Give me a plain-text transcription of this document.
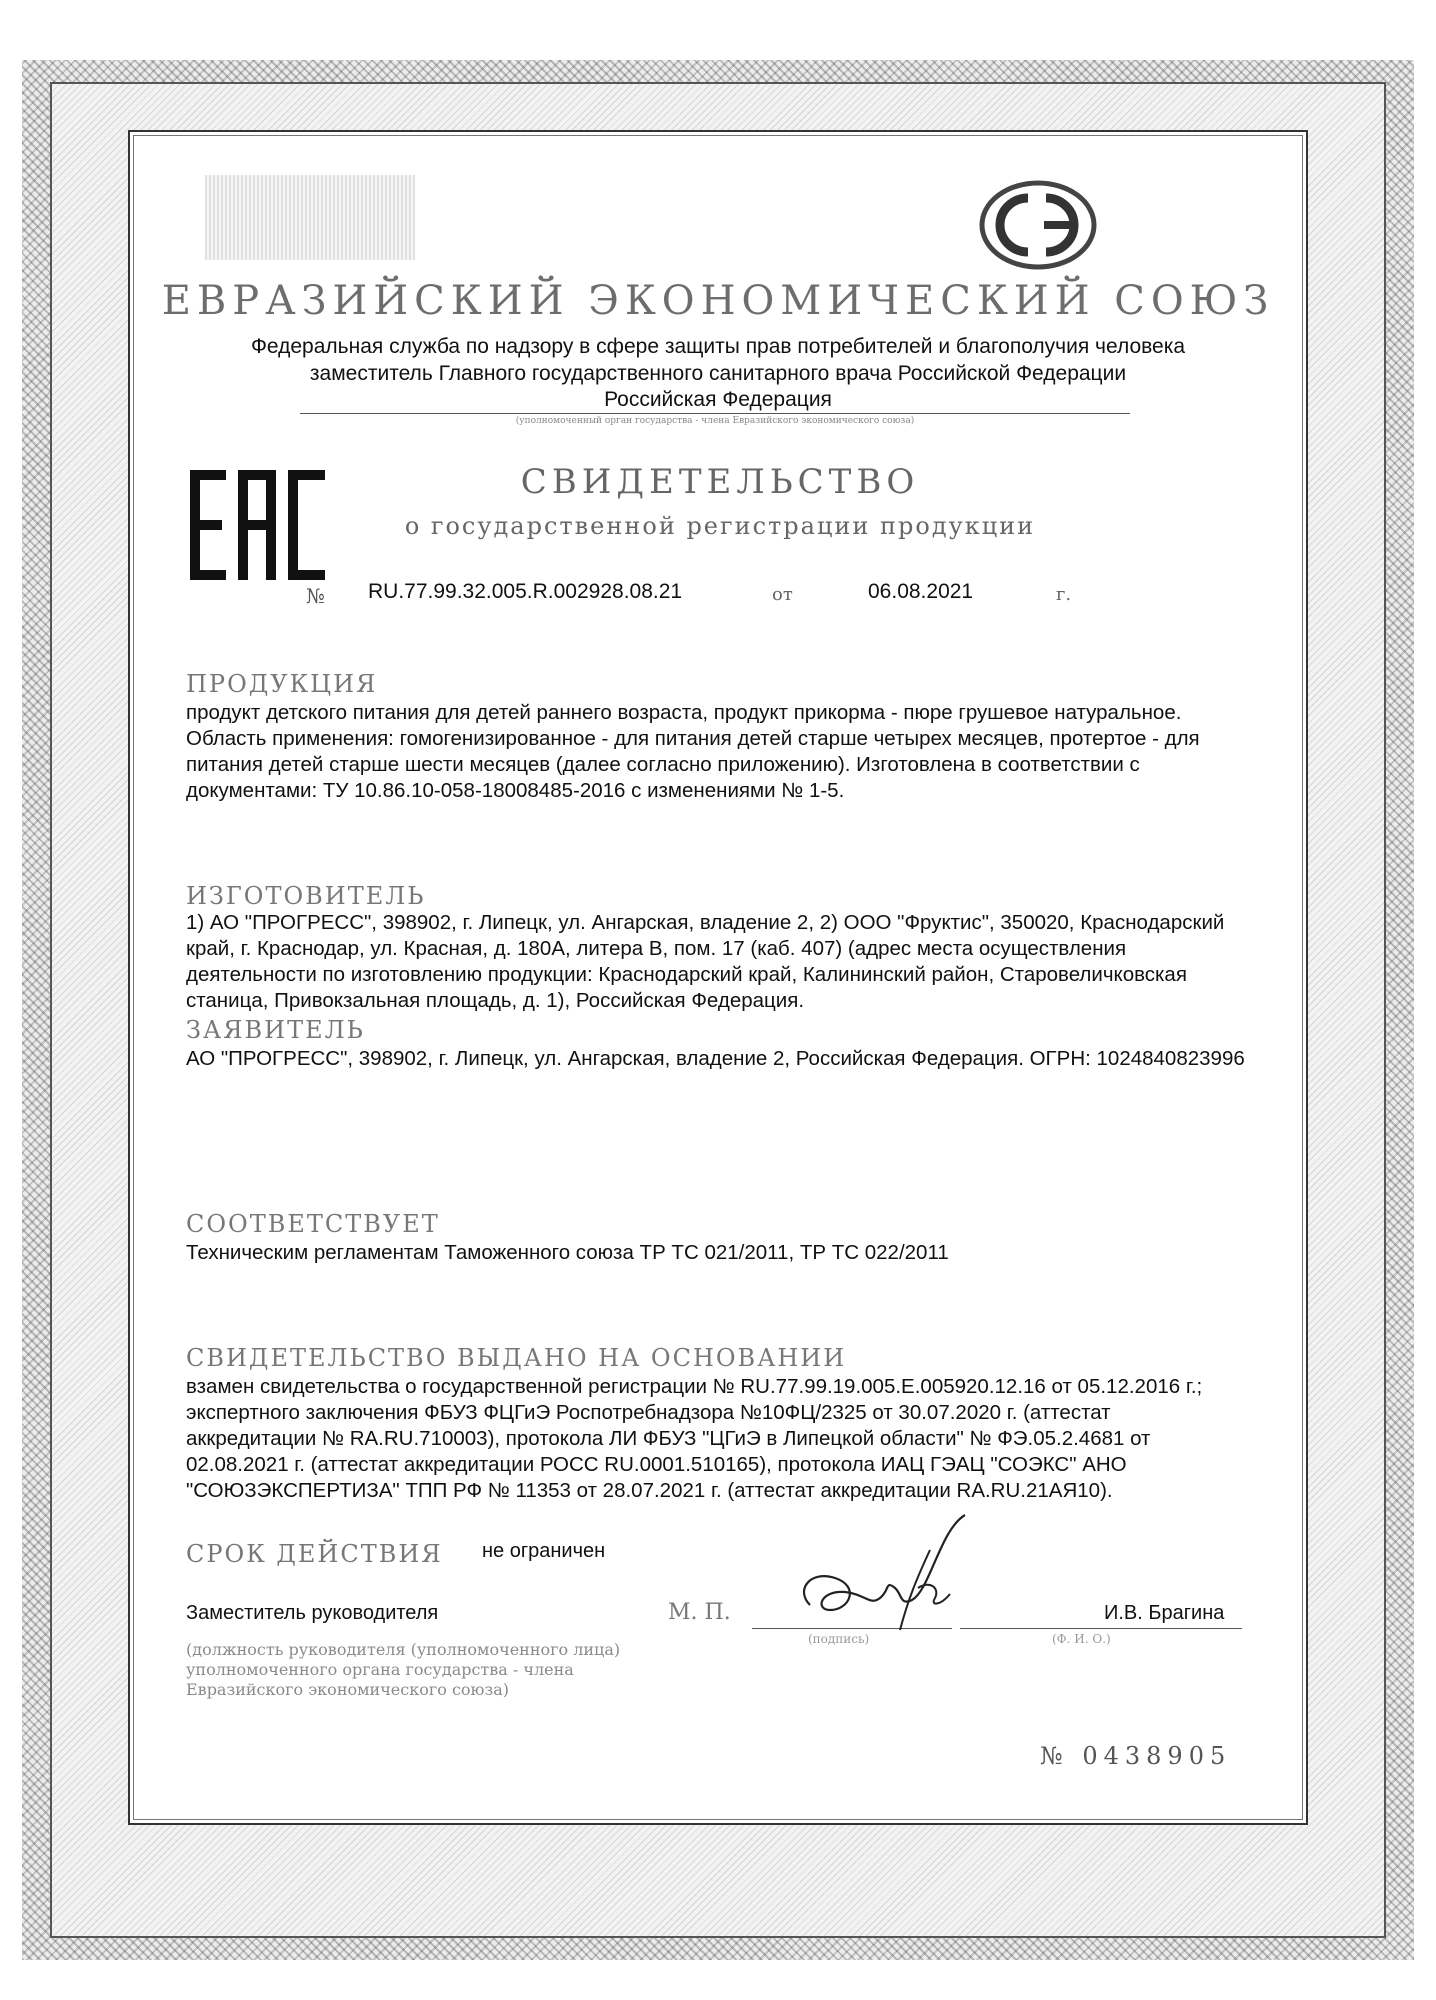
ЕВРАЗИЙСКИЙ ЭКОНОМИЧЕСКИЙ СОЮЗ
Федеральная служба по надзору в сфере защиты прав потребителей и благополучия человека
заместитель Главного государственного санитарного врача Российской Федерации
Российская Федерация
(уполномоченный орган государства - члена Евразийского экономического союза)
СВИДЕТЕЛЬСТВО
о государственной регистрации продукции
№ RU.77.99.32.005.R.002928.08.21	от	06.08.2021	г.
ПРОДУКЦИЯ
продукт детского питания для детей раннего возраста, продукт прикорма - пюре грушевое натуральное. Область применения: гомогенизированное - для питания детей старше четырех месяцев, протертое - для питания детей старше шести месяцев (далее согласно приложению). Изготовлена в соответствии с документами: ТУ 10.86.10-058-18008485-2016 с изменениями № 1-5.
ИЗГОТОВИТЕЛЬ
1) АО "ПРОГРЕСС", 398902, г. Липецк, ул. Ангарская, владение 2, 2) ООО "Фруктис", 350020, Краснодарский край, г. Краснодар, ул. Красная, д. 180А, литера В, пом. 17 (каб. 407) (адрес места осуществления деятельности по изготовлению продукции: Краснодарский край, Калининский район, Старовеличковская станица, Привокзальная площадь, д. 1), Российская Федерация.
ЗАЯВИТЕЛЬ
АО "ПРОГРЕСС", 398902, г. Липецк, ул. Ангарская, владение 2, Российская Федерация. ОГРН: 1024840823996
СООТВЕТСТВУЕТ
Техническим регламентам Таможенного союза ТР ТС 021/2011, ТР ТС 022/2011
СВИДЕТЕЛЬСТВО ВЫДАНО НА ОСНОВАНИИ
взамен свидетельства о государственной регистрации № RU.77.99.19.005.Е.005920.12.16 от 05.12.2016 г.; экспертного заключения ФБУЗ ФЦГиЭ Роспотребнадзора №10ФЦ/2325 от 30.07.2020 г. (аттестат аккредитации № RA.RU.710003), протокола ЛИ ФБУЗ "ЦГиЭ в Липецкой области" № ФЭ.05.2.4681 от 02.08.2021 г. (аттестат аккредитации РОСС RU.0001.510165), протокола ИАЦ ГЭАЦ "СОЭКС" АНО "СОЮЗЭКСПЕРТИЗА" ТПП РФ № 11353 от 28.07.2021 г. (аттестат аккредитации RA.RU.21АЯ10).
СРОК ДЕЙСТВИЯ не ограничен
Заместитель руководителя	М. П.	И.В. Брагина
(подпись)	(Ф. И. О.)
(должность руководителя (уполномоченного лица) уполномоченного органа государства - члена Евразийского экономического союза)
№ 0438905
